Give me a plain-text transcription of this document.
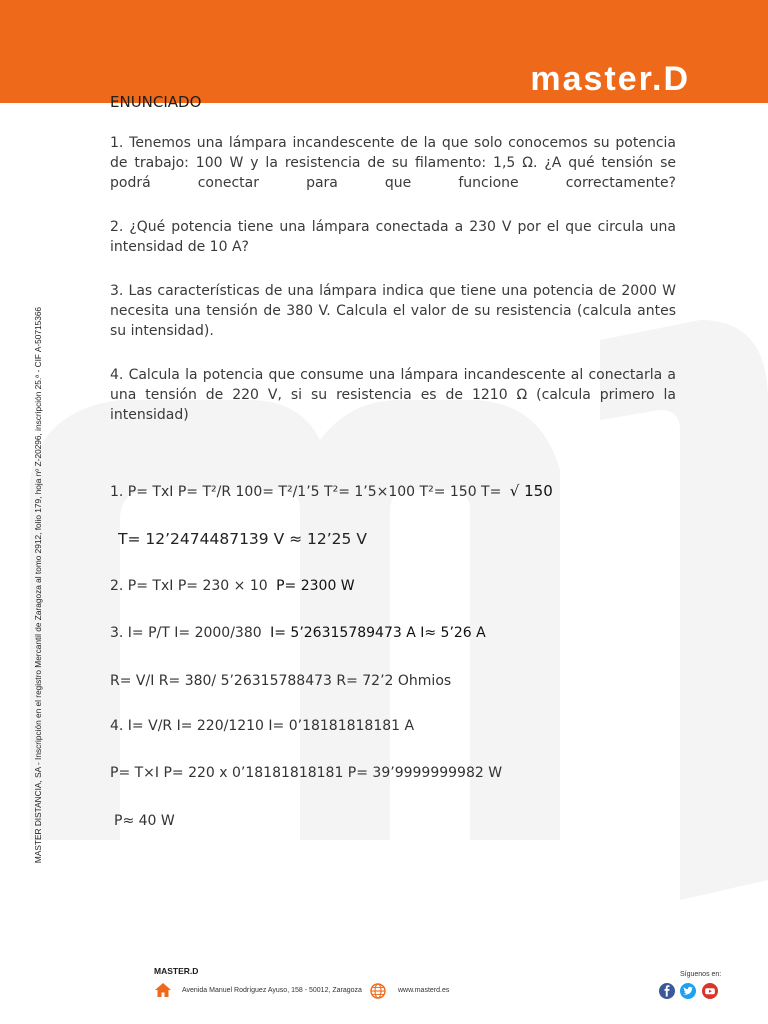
master.D
MASTER DISTANCIA, SA - Inscripción en el registro Mercantil de Zaragoza al tomo 2912, folio 179, hoja nº Z-20296, inscripción 25.ª - CIF A-50715366
ENUNCIADO
1. Tenemos una lámpara incandescente de la que solo conocemos su potencia de trabajo: 100 W y la resistencia de su filamento: 1,5 Ω. ¿A qué tensión se podrá conectar para que funcione correctamente?
2. ¿Qué potencia tiene una lámpara conectada a 230 V por el que circula una intensidad de 10 A?
3. Las características de una lámpara indica que tiene una potencia de 2000 W necesita una tensión de 380 V. Calcula el valor de su resistencia (calcula antes su intensidad).
4. Calcula la potencia que consume una lámpara incandescente al conectarla a una tensión de 220 V, si su resistencia es de 1210 Ω (calcula primero la intensidad)
1. P= TxI P= T²/R 100= T²/1’5 T²= 1’5×100 T²= 150 T= √ 150
T= 12’2474487139 V ≈ 12’25 V
2. P= TxI P= 230 × 10 P= 2300 W
3. I= P/T I= 2000/380 I= 5’26315789473 A I≈ 5’26 A
R= V/I R= 380/ 5’26315788473 R= 72’2 Ohmios
4. I= V/R I= 220/1210 I= 0’18181818181 A
P= T×I P= 220 x 0’18181818181 P= 39’9999999982 W
P≈ 40 W
MASTER.D
Avenida Manuel Rodríguez Ayuso, 158 - 50012, Zaragoza	www.masterd.es
Síguenos en:
